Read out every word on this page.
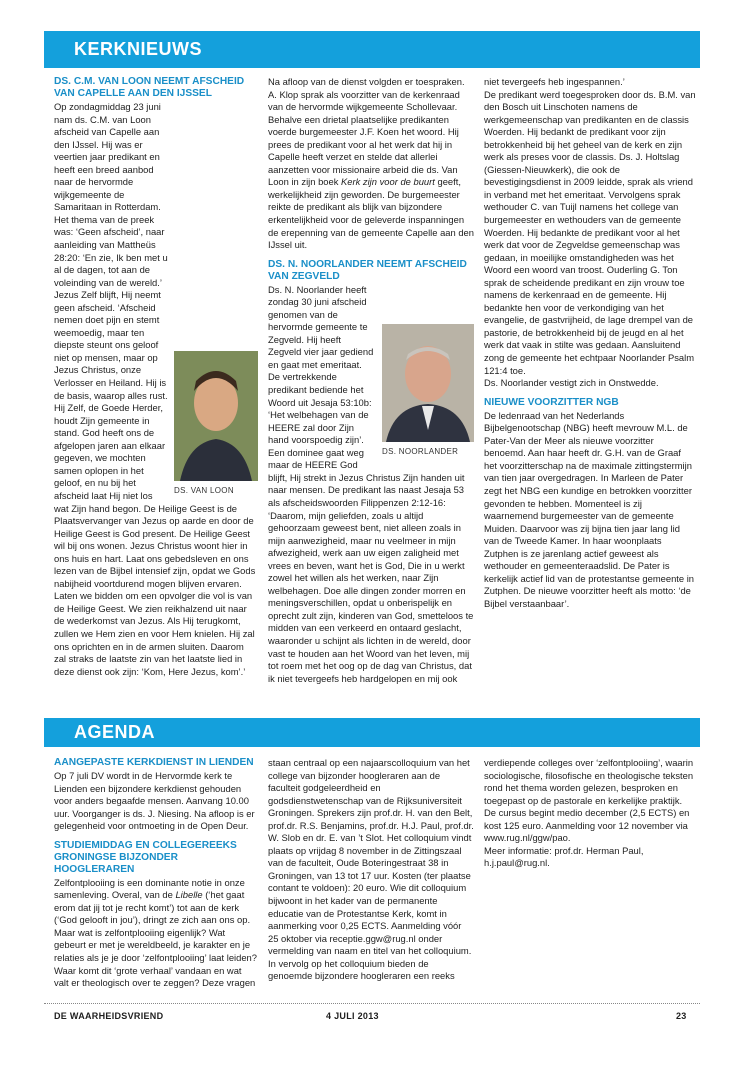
KERKNIEUWS
DS. C.M. VAN LOON NEEMT AFSCHEID VAN CAPELLE AAN DEN IJSSEL
DS. VAN LOON

Op zondagmiddag 23 juni nam ds. C.M. van Loon afscheid van Capelle aan den IJssel. Hij was er veertien jaar predikant en heeft een breed aanbod naar de hervormde wijkgemeente de Samaritaan in Rotterdam. Het thema van de preek was: ‘Geen afscheid’, naar aanleiding van Mattheüs 28:20: ‘En zie, Ik ben met u al de dagen, tot aan de voleinding van de wereld.’ Jezus Zelf blijft, Hij neemt geen afscheid. ‘Afscheid nemen doet pijn en stemt weemoedig, maar ten diepste steunt ons geloof niet op mensen, maar op Jezus Christus, onze Verlosser en Heiland. Hij is de basis, waarop alles rust. Hij Zelf, de Goede Herder, houdt Zijn gemeente in stand. God heeft ons de afgelopen jaren aan elkaar gegeven, we mochten samen oplopen in het geloof, en nu bij het afscheid laat Hij niet los wat Zijn hand begon. De Heilige Geest is de Plaatsvervanger van Jezus op aarde en door de Heilige Geest is God present. De Heilige Geest wil bij ons wonen. Jezus Christus woont hier in ons huis en hart. Laat ons gebedsleven en ons lezen van de Bijbel intensief zijn, opdat we Gods nabijheid voortdurend mogen blijven ervaren. Laten we bidden om een opvolger die vol is van de Heilige Geest. We zien reikhalzend uit naar de wederkomst van Jezus. Als Hij terugkomt, zullen we Hem zien en voor Hem knielen. Hij zal ons oprichten en in de armen sluiten. Daarom zal straks de laatste zin van het laatste lied in deze dienst ook zijn: ‘Kom, Here Jezus, kom’.’

Na afloop van de dienst volgden er toespraken. A. Klop sprak als voorzitter van de kerkenraad van de hervormde wijkgemeente Schollevaar. Behalve een drietal plaatselijke predikanten voerde burgemeester J.F. Koen het woord. Hij prees de predikant voor al het werk dat hij in Capelle heeft verzet en stelde dat allerlei aanzetten voor missionaire arbeid die ds. Van Loon in zijn boek Kerk zijn voor de buurt geeft, werkelijkheid zijn geworden. De burgemeester reikte de predikant als blijk van bijzondere erkentelijkheid voor de geleverde inspanningen de erepenning van de gemeente Capelle aan den IJssel uit.

DS. N. NOORLANDER NEEMT AFSCHEID VAN ZEGVELD
DS. NOORLANDER

Ds. N. Noorlander heeft zondag 30 juni afscheid genomen van de hervormde gemeente te Zegveld. Hij heeft Zegveld vier jaar gediend en gaat met emeritaat. De vertrekkende predikant bediende het Woord uit Jesaja 53:10b: ‘Het welbehagen van de HEERE zal door Zijn hand voorspoedig zijn’. Een dominee gaat weg maar de HEERE God blijft, Hij strekt in Jezus Christus Zijn handen uit naar mensen. De predikant las naast Jesaja 53 als afscheidswoorden Filippenzen 2:12-16: ‘Daarom, mijn geliefden, zoals u altijd gehoorzaam geweest bent, niet alleen zoals in mijn aanwezigheid, maar nu veelmeer in mijn afwezigheid, werk aan uw eigen zaligheid met vrees en beven, want het is God, Die in u werkt zowel het willen als het werken, naar Zijn welbehagen. Doe alle dingen zonder morren en meningsverschillen, opdat u onberispelijk en oprecht zult zijn, kinderen van God, smetteloos te midden van een verkeerd en ontaard geslacht, waaronder u schijnt als lichten in de wereld, door vast te houden aan het Woord van het leven, mij tot roem met het oog op de dag van Christus, dat ik niet tevergeefs heb hardgelopen en mij ook

niet tevergeefs heb ingespannen.’

De predikant werd toegesproken door ds. B.M. van den Bosch uit Linschoten namens de werkgemeenschap van predikanten en de classis Woerden. Hij bedankt de predikant voor zijn betrokkenheid bij het geheel van de kerk en zijn werk als preses voor de classis. Ds. J. Holtslag (Giessen-Nieuwkerk), die ook de bevestigingsdienst in 2009 leidde, sprak als vriend in verband met het emeritaat. Vervolgens sprak wethouder C. van Tuijl namens het college van burgemeester en wethouders van de gemeente Woerden. Hij bedankte de predikant voor al het werk dat voor de Zegveldse gemeenschap was gedaan, in moeilijke omstandigheden was het Woord een woord van troost. Ouderling G. Ton sprak de scheidende predikant en zijn vrouw toe namens de kerkenraad en de gemeente. Hij bedankte hen voor de verkondiging van het evangelie, de gastvrijheid, de lage drempel van de pastorie, de betrokkenheid bij de jeugd en al het werk dat vaak in stilte was gedaan. Aansluitend zong de gemeente het echtpaar Noorlander Psalm 121:4 toe.

Ds. Noorlander vestigt zich in Onstwedde.

NIEUWE VOORZITTER NGB

De ledenraad van het Nederlands Bijbelgenootschap (NBG) heeft mevrouw M.L. de Pater-Van der Meer als nieuwe voorzitter benoemd. Aan haar heeft dr. G.H. van de Graaf het voorzitterschap na de maximale zittingstermijn van tien jaar overgedragen. In Marleen de Pater zegt het NBG een kundige en betrokken voorzitter gevonden te hebben. Momenteel is zij waarnemend burgemeester van de gemeente Muiden. Daarvoor was zij bijna tien jaar lang lid van de Tweede Kamer. In haar woonplaats Zutphen is ze jarenlang actief geweest als wethouder en gemeenteraadslid. De Pater is kerkelijk actief lid van de protestantse gemeente in Zutphen. De nieuwe voorzitter heeft als motto: ‘de Bijbel verstaanbaar’.

AGENDA
AANGEPASTE KERKDIENST IN LIENDEN

Op 7 juli DV wordt in de Hervormde kerk te Lienden een bijzondere kerkdienst gehouden voor anders begaafde mensen. Aanvang 10.00 uur. Voorganger is ds. J. Niesing. Na afloop is er gelegenheid voor ontmoeting in de Open Deur.

STUDIEMIDDAG EN COLLEGEREEKS GRONINGSE BIJZONDER HOOGLERAREN

Zelfontplooiing is een dominante notie in onze samenleving. Overal, van de Libelle (‘het gaat erom dat jij tot je recht komt’) tot aan de kerk (‘God gelooft in jou’), dringt ze zich aan ons op. Maar wat is zelfontplooiing eigenlijk? Wat gebeurt er met je wereldbeeld, je karakter en je relaties als je je door ‘zelfontplooiing’ laat leiden? Waar komt dit ‘grote verhaal’ vandaan en wat valt er theologisch over te zeggen? Deze vragen

staan centraal op een najaarscolloquium van het college van bijzonder hoogleraren aan de faculteit godgeleerdheid en godsdienstwetenschap van de Rijksuniversiteit Groningen. Sprekers zijn prof.dr. H. van den Belt, prof.dr. R.S. Benjamins, prof.dr. H.J. Paul, prof.dr. W. Slob en dr. E. van ’t Slot. Het colloquium vindt plaats op vrijdag 8 november in de Zittingszaal van de faculteit, Oude Boteringestraat 38 in Groningen, van 13 tot 17 uur. Kosten (ter plaatse contant te voldoen): 20 euro. Wie dit colloquium bijwoont in het kader van de permanente educatie van de Protestantse Kerk, komt in aanmerking voor 0,25 ECTS. Aanmelding vóór 25 oktober via receptie.ggw@rug.nl onder vermelding van naam en titel van het colloquium. In vervolg op het colloquium bieden de genoemde bijzondere hoogleraren een reeks

verdiepende colleges over ‘zelfontplooiing’, waarin sociologische, filosofische en theologische teksten rond het thema worden gelezen, besproken en toegepast op de pastorale en kerkelijke praktijk. De cursus begint medio december (2,5 ECTS) en kost 125 euro. Aanmelding voor 12 november via www.rug.nl/ggw/pao.

Meer informatie: prof.dr. Herman Paul, h.j.paul@rug.nl.

DE WAARHEIDSVRIEND	4 JULI 2013	23
